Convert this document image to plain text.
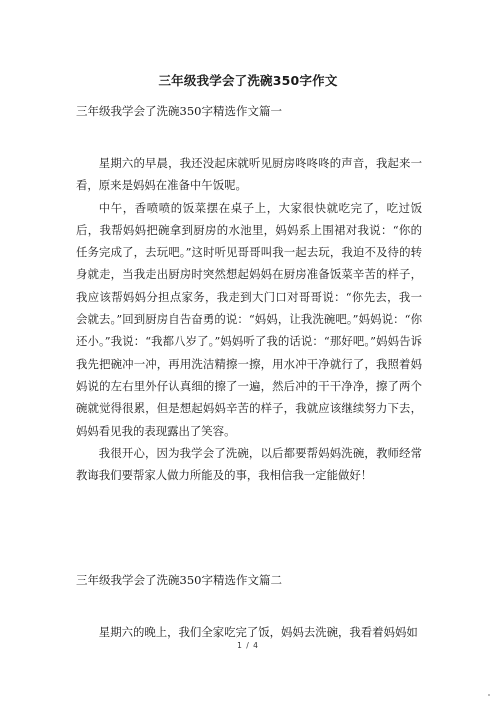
三年级我学会了洗碗350字作文
三年级我学会了洗碗350字精选作文篇一

星期六的早晨，我还没起床就听见厨房咚咚咚的声音，我起来一看，原来是妈妈在准备中午饭呢。

中午，香喷喷的饭菜摆在桌子上，大家很快就吃完了，吃过饭后，我帮妈妈把碗拿到厨房的水池里，妈妈系上围裙对我说：“你的任务完成了，去玩吧。”这时听见哥哥叫我一起去玩，我迫不及待的转身就走，当我走出厨房时突然想起妈妈在厨房准备饭菜辛苦的样子，我应该帮妈妈分担点家务，我走到大门口对哥哥说：“你先去，我一会就去。”回到厨房自告奋勇的说：“妈妈，让我洗碗吧。”妈妈说：“你还小。”我说：“我都八岁了。”妈妈听了我的话说：“那好吧。”妈妈告诉我先把碗冲一冲，再用洗洁精擦一擦，用水冲干净就行了，我照着妈妈说的左右里外仔认真细的擦了一遍，然后冲的干干净净，擦了两个碗就觉得很累，但是想起妈妈辛苦的样子，我就应该继续努力下去，妈妈看见我的表现露出了笑容。

我很开心，因为我学会了洗碗，以后都要帮妈妈洗碗，教师经常教诲我们要帮家人做力所能及的事，我相信我一定能做好！

三年级我学会了洗碗350字精选作文篇二

星期六的晚上，我们全家吃完了饭，妈妈去洗碗，我看着妈妈如

1 / 4
